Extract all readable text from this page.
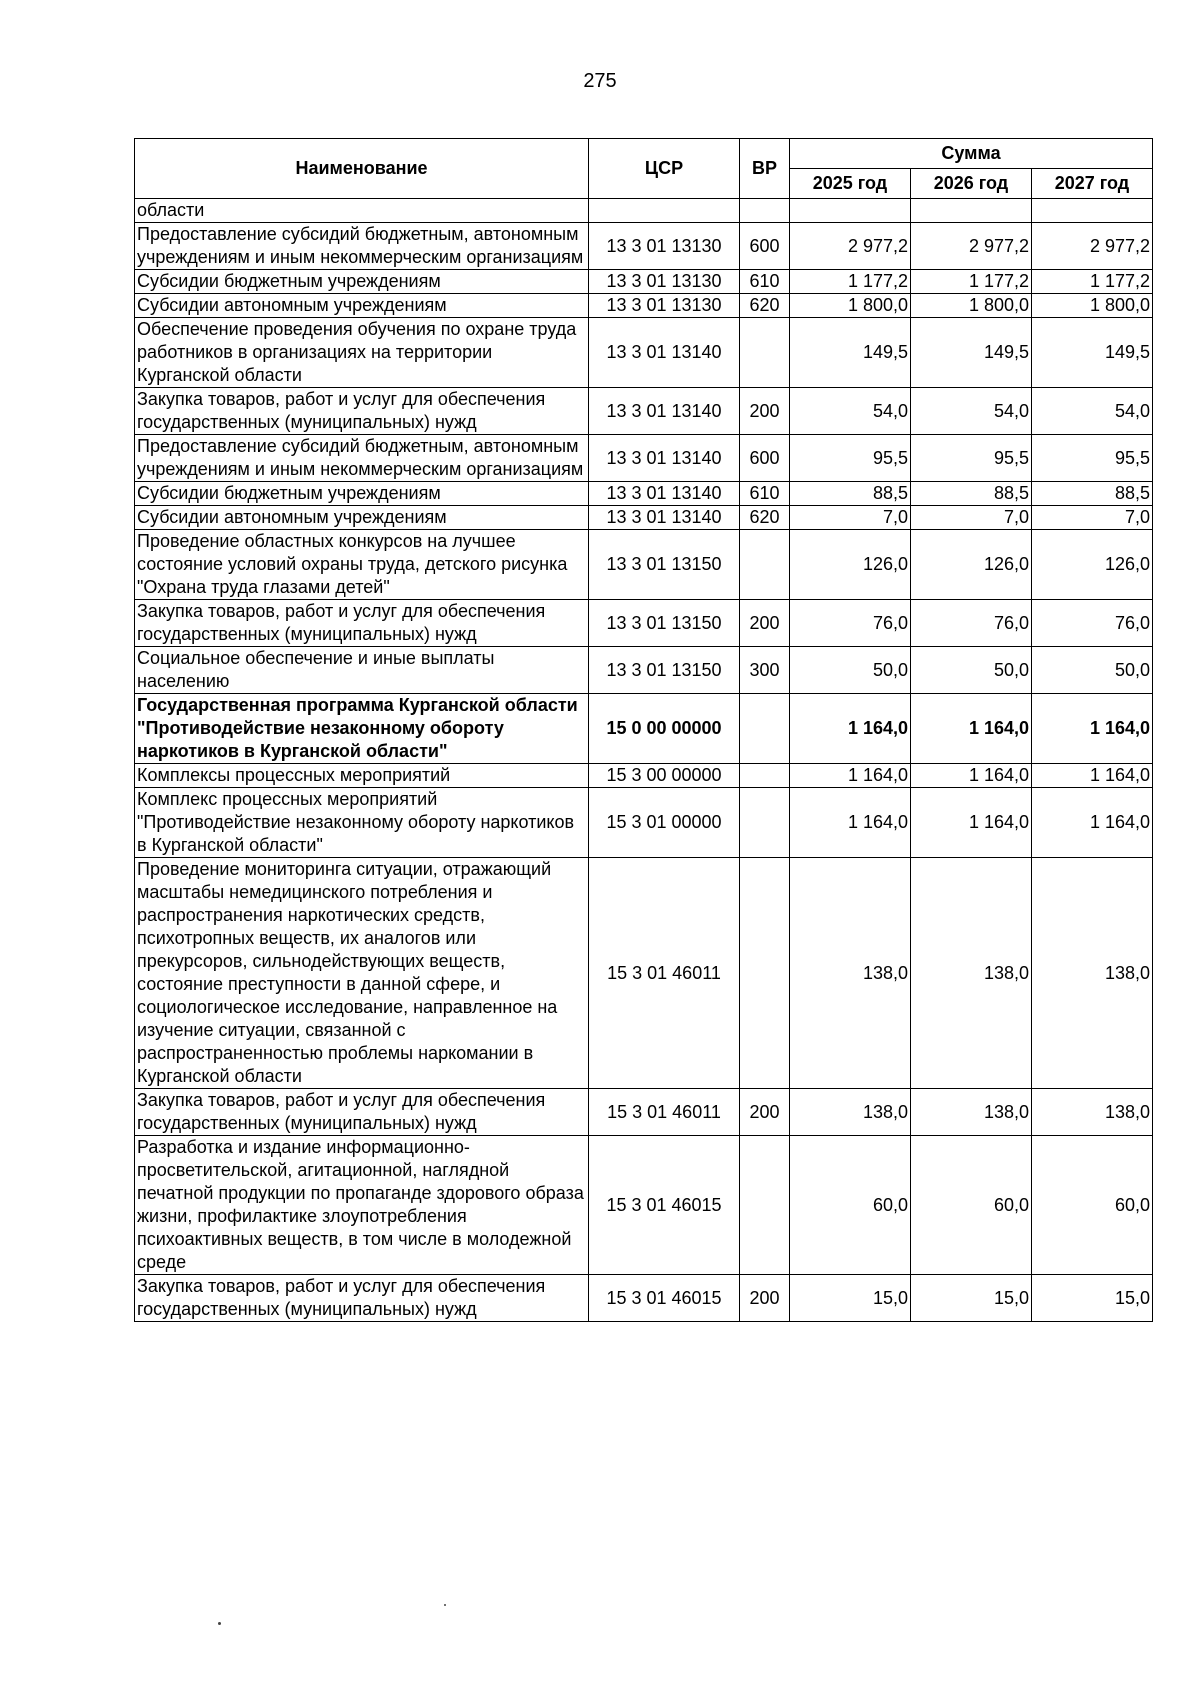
275
Наименование	ЦСР	ВР	Сумма		
			2025 год	2026 год	2027 год
области					
Предоставление субсидий бюджетным, автономным учреждениям и иным некоммерческим организациям	13 3 01 13130	600	2 977,2	2 977,2	2 977,2
Субсидии бюджетным учреждениям	13 3 01 13130	610	1 177,2	1 177,2	1 177,2
Субсидии автономным учреждениям	13 3 01 13130	620	1 800,0	1 800,0	1 800,0
Обеспечение проведения обучения по охране труда работников в организациях на территории Курганской области	13 3 01 13140		149,5	149,5	149,5
Закупка товаров, работ и услуг для обеспечения государственных (муниципальных) нужд	13 3 01 13140	200	54,0	54,0	54,0
Предоставление субсидий бюджетным, автономным учреждениям и иным некоммерческим организациям	13 3 01 13140	600	95,5	95,5	95,5
Субсидии бюджетным учреждениям	13 3 01 13140	610	88,5	88,5	88,5
Субсидии автономным учреждениям	13 3 01 13140	620	7,0	7,0	7,0
Проведение областных конкурсов на лучшее состояние условий охраны труда, детского рисунка "Охрана труда глазами детей"	13 3 01 13150		126,0	126,0	126,0
Закупка товаров, работ и услуг для обеспечения государственных (муниципальных) нужд	13 3 01 13150	200	76,0	76,0	76,0
Социальное обеспечение и иные выплаты населению	13 3 01 13150	300	50,0	50,0	50,0
Государственная программа Курганской области "Противодействие незаконному обороту наркотиков в Курганской области"	15 0 00 00000		1 164,0	1 164,0	1 164,0
Комплексы процессных мероприятий	15 3 00 00000		1 164,0	1 164,0	1 164,0
Комплекс процессных мероприятий "Противодействие незаконному обороту наркотиков в Курганской области"	15 3 01 00000		1 164,0	1 164,0	1 164,0
Проведение мониторинга ситуации, отражающий масштабы немедицинского потребления и распространения наркотических средств, психотропных веществ, их аналогов или прекурсоров, сильнодействующих веществ, состояние преступности в данной сфере, и социологическое исследование, направленное на изучение ситуации, связанной с распространенностью проблемы наркомании в Курганской области	15 3 01 46011		138,0	138,0	138,0
Закупка товаров, работ и услуг для обеспечения государственных (муниципальных) нужд	15 3 01 46011	200	138,0	138,0	138,0
Разработка и издание информационно-просветительской, агитационной, наглядной печатной продукции по пропаганде здорового образа жизни, профилактике злоупотребления психоактивных веществ, в том числе в молодежной среде	15 3 01 46015		60,0	60,0	60,0
Закупка товаров, работ и услуг для обеспечения государственных (муниципальных) нужд	15 3 01 46015	200	15,0	15,0	15,0
